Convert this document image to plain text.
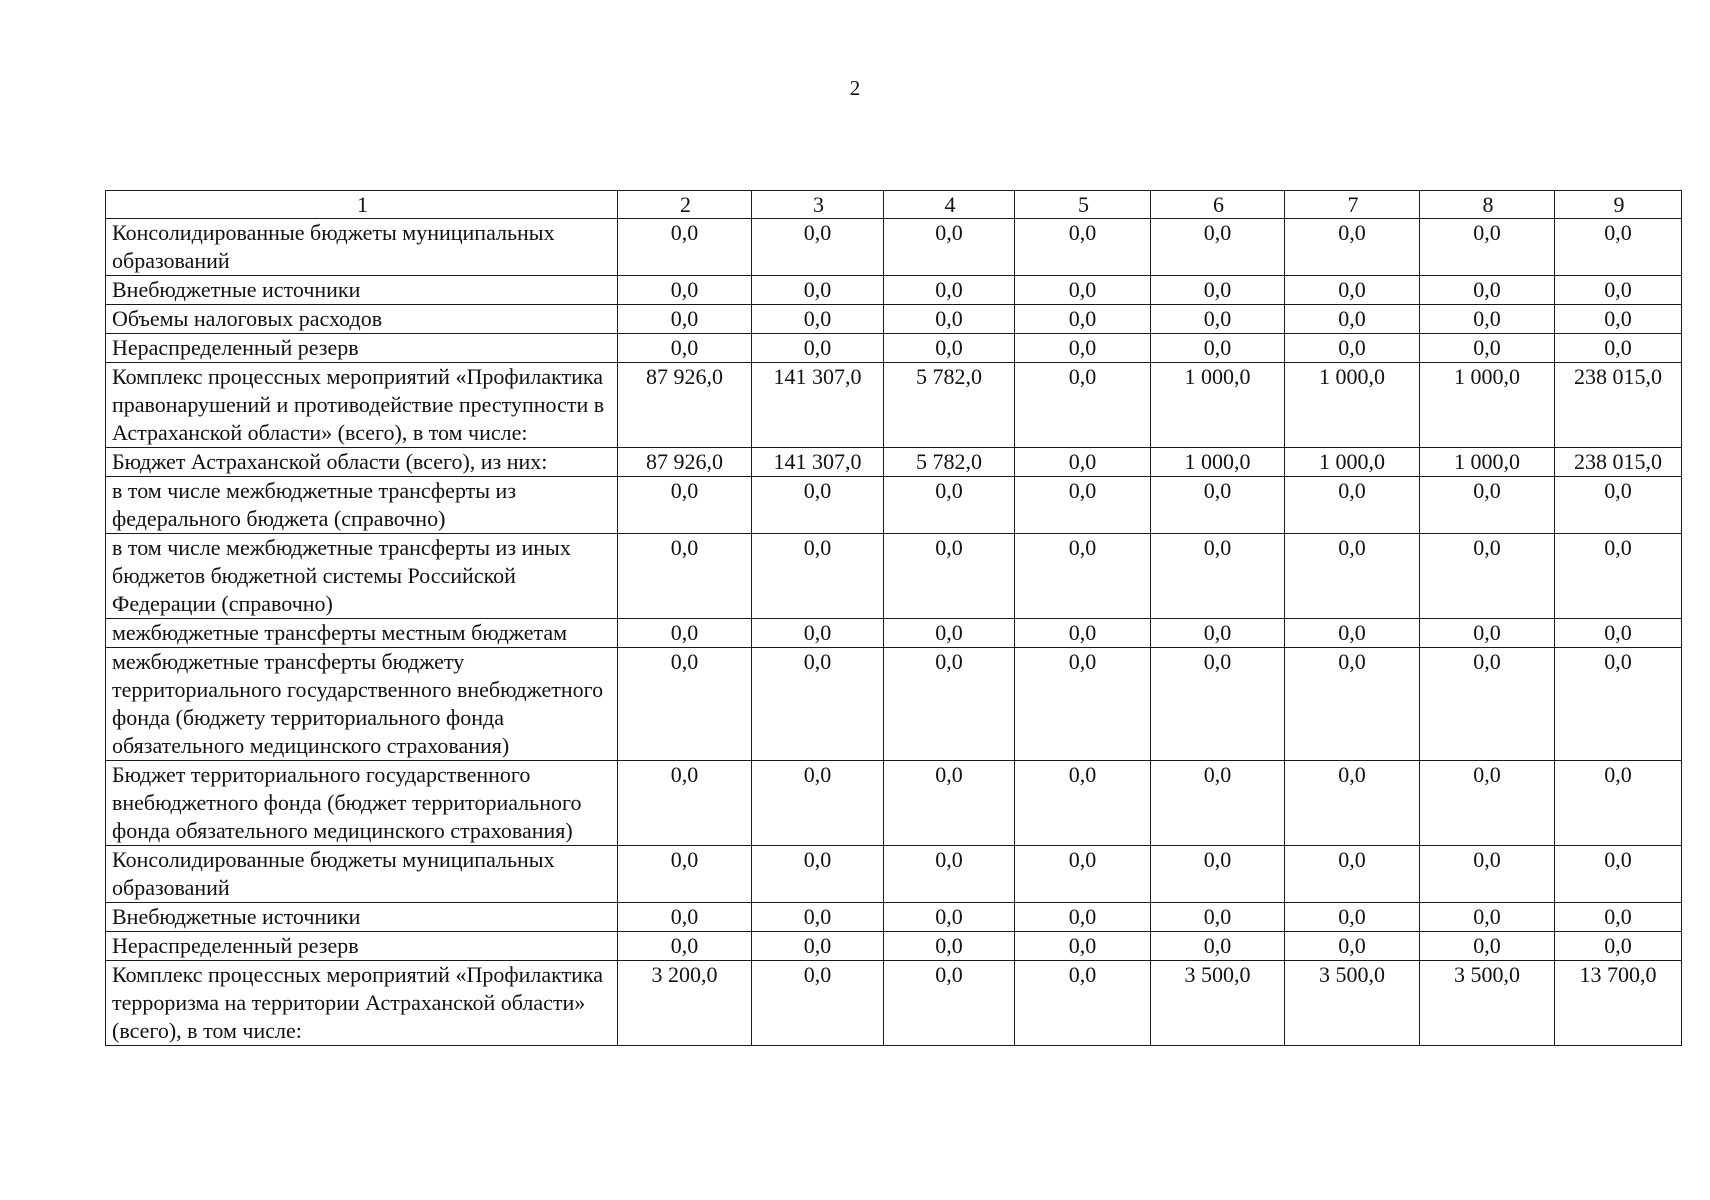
2
1	2	3	4	5	6	7	8	9
Консолидированные бюджеты муниципальных образований	0,0	0,0	0,0	0,0	0,0	0,0	0,0	0,0
Внебюджетные источники	0,0	0,0	0,0	0,0	0,0	0,0	0,0	0,0
Объемы налоговых расходов	0,0	0,0	0,0	0,0	0,0	0,0	0,0	0,0
Нераспределенный резерв	0,0	0,0	0,0	0,0	0,0	0,0	0,0	0,0
Комплекс процессных мероприятий «Профилактика правонарушений и противодействие преступности в Астраханской области» (всего), в том числе:	87 926,0	141 307,0	5 782,0	0,0	1 000,0	1 000,0	1 000,0	238 015,0
Бюджет Астраханской области (всего), из них:	87 926,0	141 307,0	5 782,0	0,0	1 000,0	1 000,0	1 000,0	238 015,0
в том числе межбюджетные трансферты из федерального бюджета (справочно)	0,0	0,0	0,0	0,0	0,0	0,0	0,0	0,0
в том числе межбюджетные трансферты из иных бюджетов бюджетной системы Российской Федерации (справочно)	0,0	0,0	0,0	0,0	0,0	0,0	0,0	0,0
межбюджетные трансферты местным бюджетам	0,0	0,0	0,0	0,0	0,0	0,0	0,0	0,0
межбюджетные трансферты бюджету территориального государственного внебюджетного фонда (бюджету территориального фонда обязательного медицинского страхования)	0,0	0,0	0,0	0,0	0,0	0,0	0,0	0,0
Бюджет территориального государственного внебюджетного фонда (бюджет территориального фонда обязательного медицинского страхования)	0,0	0,0	0,0	0,0	0,0	0,0	0,0	0,0
Консолидированные бюджеты муниципальных образований	0,0	0,0	0,0	0,0	0,0	0,0	0,0	0,0
Внебюджетные источники	0,0	0,0	0,0	0,0	0,0	0,0	0,0	0,0
Нераспределенный резерв	0,0	0,0	0,0	0,0	0,0	0,0	0,0	0,0
Комплекс процессных мероприятий «Профилактика терроризма на территории Астраханской области» (всего), в том числе:	3 200,0	0,0	0,0	0,0	3 500,0	3 500,0	3 500,0	13 700,0
